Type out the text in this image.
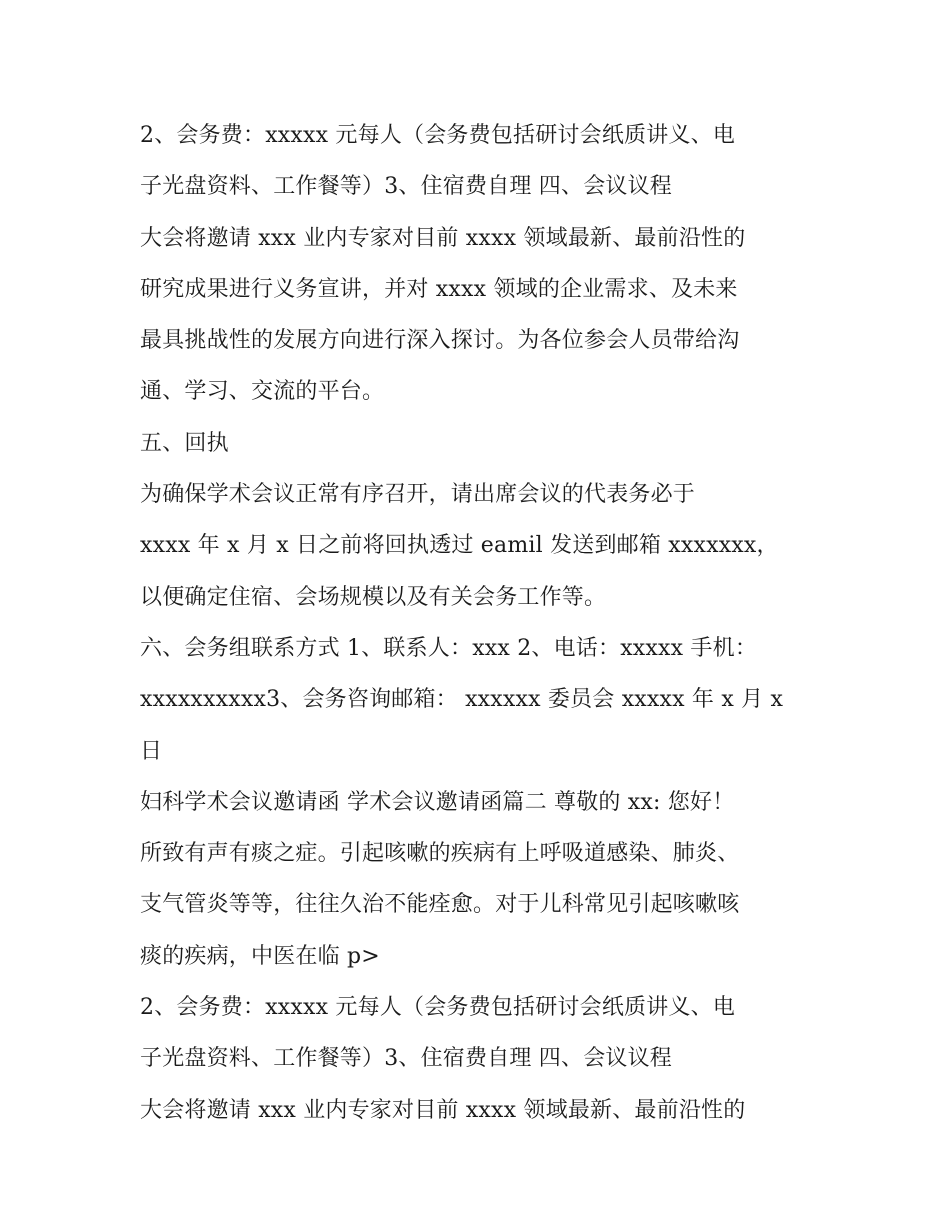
2、会务费：xxxxx 元每人（会务费包括研讨会纸质讲义、电
子光盘资料、工作餐等）3、住宿费自理 四、会议议程
大会将邀请 xxx 业内专家对目前 xxxx 领域最新、最前沿性的
研究成果进行义务宣讲，并对 xxxx 领域的企业需求、及未来
最具挑战性的发展方向进行深入探讨。为各位参会人员带给沟
通、学习、交流的平台。
五、回执
为确保学术会议正常有序召开，请出席会议的代表务必于
xxxx 年 x 月 x 日之前将回执透过 eamil 发送到邮箱 xxxxxxx，
以便确定住宿、会场规模以及有关会务工作等。
六、会务组联系方式 1、联系人：xxx 2、电话：xxxxx 手机：
xxxxxxxxxx3、会务咨询邮箱： xxxxxx 委员会 xxxxx 年 x 月 x
日
妇科学术会议邀请函 学术会议邀请函篇二 尊敬的 xx: 您好！
所致有声有痰之症。引起咳嗽的疾病有上呼吸道感染、肺炎、
支气管炎等等，往往久治不能痊愈。对于儿科常见引起咳嗽咳
痰的疾病，中医在临 p>
2、会务费：xxxxx 元每人（会务费包括研讨会纸质讲义、电
子光盘资料、工作餐等）3、住宿费自理 四、会议议程
大会将邀请 xxx 业内专家对目前 xxxx 领域最新、最前沿性的
